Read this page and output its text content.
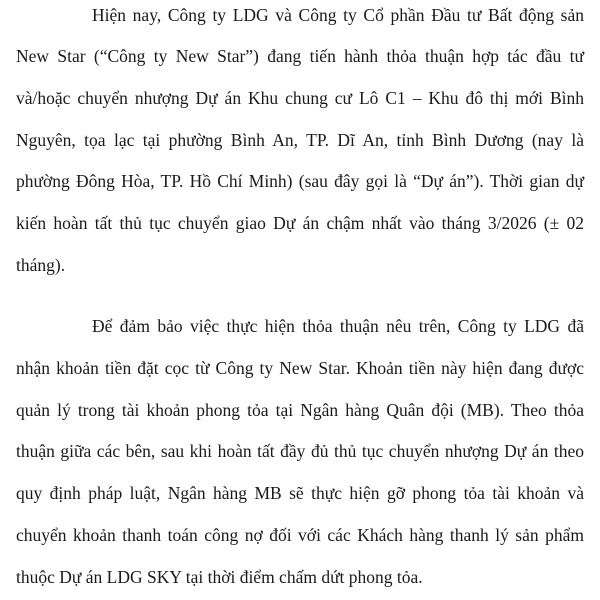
Hiện nay, Công ty LDG và Công ty Cổ phần Đầu tư Bất động sản
New Star (“Công ty New Star”) đang tiến hành thỏa thuận hợp tác đầu tư
và/hoặc chuyển nhượng Dự án Khu chung cư Lô C1 – Khu đô thị mới Bình
Nguyên, tọa lạc tại phường Bình An, TP. Dĩ An, tỉnh Bình Dương (nay là
phường Đông Hòa, TP. Hồ Chí Minh) (sau đây gọi là “Dự án”). Thời gian dự
kiến hoàn tất thủ tục chuyển giao Dự án chậm nhất vào tháng 3/2026 (± 02
tháng).
Để đảm bảo việc thực hiện thỏa thuận nêu trên, Công ty LDG đã
nhận khoản tiền đặt cọc từ Công ty New Star. Khoản tiền này hiện đang được
quản lý trong tài khoản phong tỏa tại Ngân hàng Quân đội (MB). Theo thỏa
thuận giữa các bên, sau khi hoàn tất đầy đủ thủ tục chuyển nhượng Dự án theo
quy định pháp luật, Ngân hàng MB sẽ thực hiện gỡ phong tỏa tài khoản và
chuyển khoản thanh toán công nợ đối với các Khách hàng thanh lý sản phẩm
thuộc Dự án LDG SKY tại thời điểm chấm dứt phong tỏa.
